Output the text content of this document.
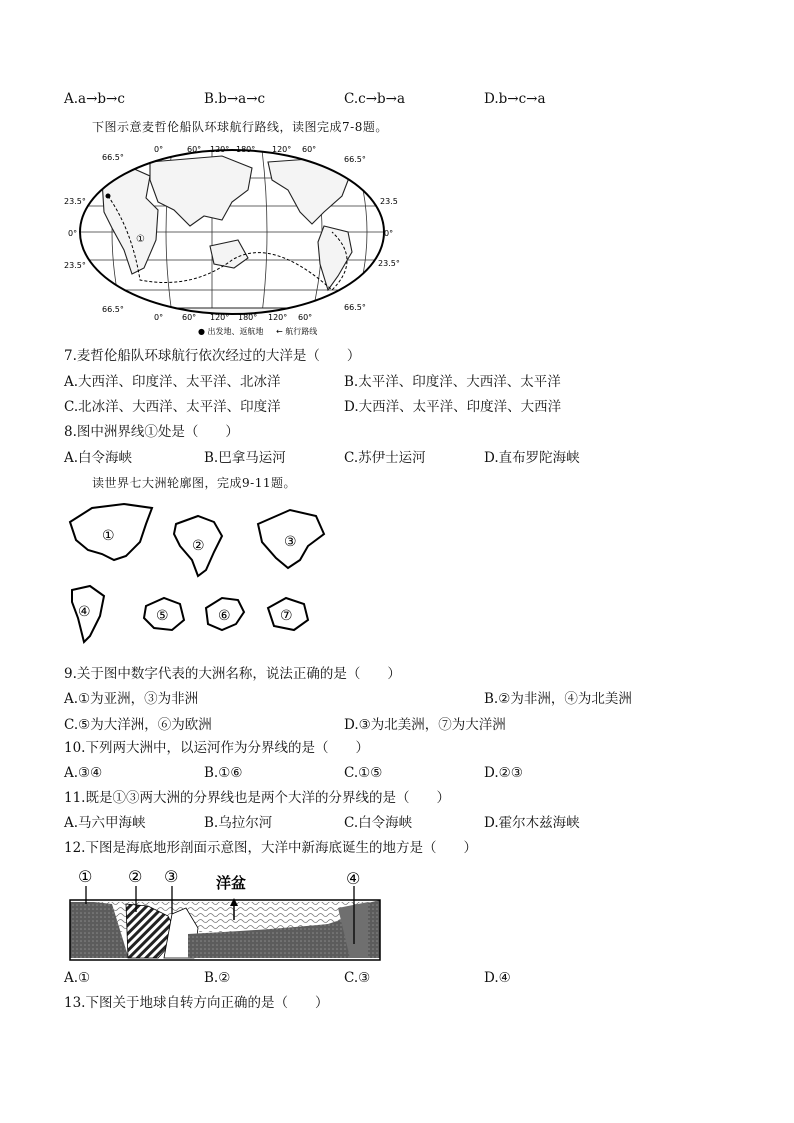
A.a→b→c	B.b→a→c	C.c→b→a	D.b→c→a
下图示意麦哲伦船队环球航行路线，读图完成7-8题。
①
0°	60° 120° 180° 120° 60°
66.5°
23.5°
0°
23.5°
66.5°
66.5°
23.5
0°
23.5°
66.5°
0° 60° 120° 180° 120° 60°
● 出发地、返航地 ← 航行路线
7.麦哲伦船队环球航行依次经过的大洋是（　　）
A.大西洋、印度洋、太平洋、北冰洋	B.太平洋、印度洋、大西洋、太平洋
C.北冰洋、大西洋、太平洋、印度洋	D.大西洋、太平洋、印度洋、大西洋
8.图中洲界线①处是（　　）
A.白令海峡	B.巴拿马运河	C.苏伊士运河	D.直布罗陀海峡
读世界七大洲轮廓图，完成9-11题。
①
②	③
④	⑤	⑥	⑦
9.关于图中数字代表的大洲名称，说法正确的是（　　）
A.①为亚洲，③为非洲	B.②为非洲，④为北美洲
C.⑤为大洋洲，⑥为欧洲	D.③为北美洲，⑦为大洋洲
10.下列两大洲中，以运河作为分界线的是（　　）
A.③④	B.①⑥	C.①⑤	D.②③
11.既是①③两大洲的分界线也是两个大洋的分界线的是（　　）
A.马六甲海峡	B.乌拉尔河	C.白令海峡	D.霍尔木兹海峡
12.下图是海底地形剖面示意图，大洋中新海底诞生的地方是（　　）
① ② ③	④
洋盆
A.①	B.②	C.③	D.④
13.下图关于地球自转方向正确的是（　　）
